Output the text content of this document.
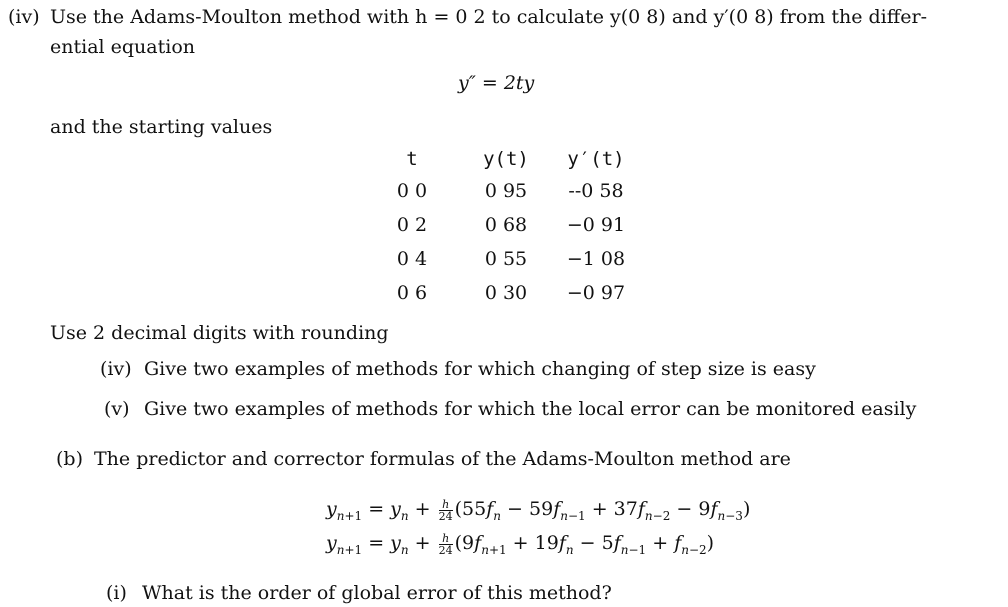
(iv) Use the Adams-Moulton method with h = 0 2 to calculate y(0 8) and y′(0 8) from the differ-
ential equation
y″ = 2ty
and the starting values
t	y(t)	y′(t)
0 0	0 95	--0 58
0 2	0 68	−0 91
0 4	0 55	−1 08
0 6	0 30	−0 97
Use 2 decimal digits with rounding
(iv) Give two examples of methods for which changing of step size is easy
(v) Give two examples of methods for which the local error can be monitored easily
(b) The predictor and corrector formulas of the Adams-Moulton method are
$y_{n+1} = y_n + \frac{h}{24} (55f_n - 59f_{n-1} + 37f_{n-2} - 9f_{n-3})$
$y_{n+1} = y_n + \frac{h}{24} (9f_{n+1} + 19f_n - 5f_{n-1} + f_{n-2})$
(i) What is the order of global error of this method?
